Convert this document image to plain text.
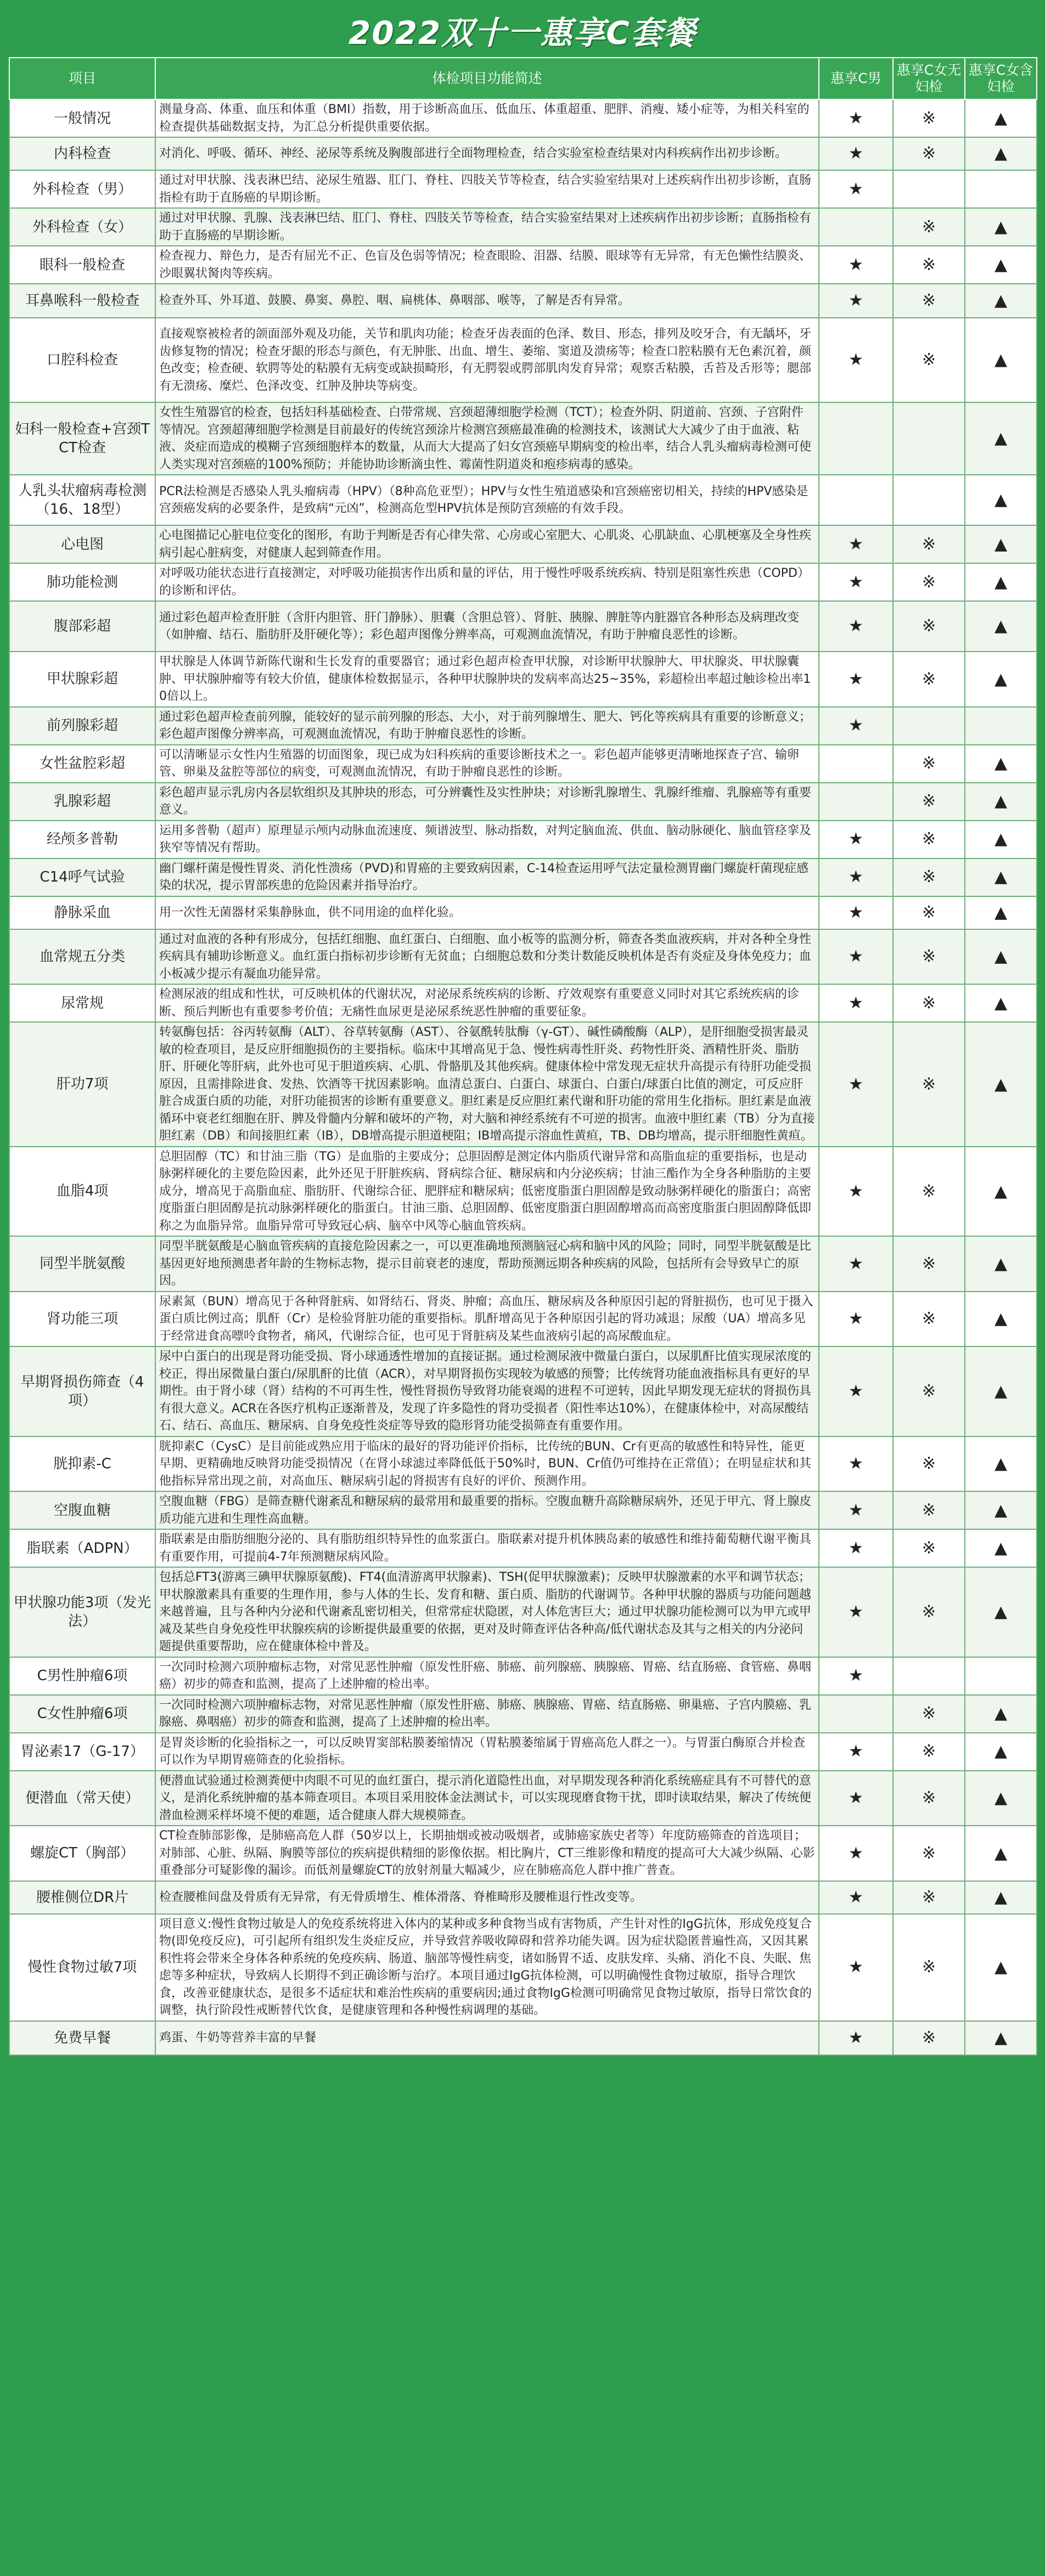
2022双十一惠享C套餐
项目	体检项目功能简述	惠享C男	惠享C女无妇检	惠享C女含妇检
一般情况	测量身高、体重、血压和体重（BMI）指数，用于诊断高血压、低血压、体重超重、肥胖、消瘦、矮小症等，为相关科室的检查提供基础数据支持，为汇总分析提供重要依据。	★	※	▲
内科检查	对消化、呼吸、循环、神经、泌尿等系统及胸腹部进行全面物理检查，结合实验室检查结果对内科疾病作出初步诊断。	★	※	▲
外科检查（男）	通过对甲状腺、浅表淋巴结、泌尿生殖器、肛门、脊柱、四肢关节等检查，结合实验室结果对上述疾病作出初步诊断，直肠指检有助于直肠癌的早期诊断。	★		
外科检查（女）	通过对甲状腺、乳腺、浅表淋巴结、肛门、脊柱、四肢关节等检查，结合实验室结果对上述疾病作出初步诊断；直肠指检有助于直肠癌的早期诊断。		※	▲
眼科一般检查	检查视力、辩色力，是否有屈光不正、色盲及色弱等情况；检查眼睑、泪器、结膜、眼球等有无异常，有无色懒性结膜炎、沙眼翼状胬肉等疾病。	★	※	▲
耳鼻喉科一般检查	检查外耳、外耳道、鼓膜、鼻窦、鼻腔、咽、扁桃体、鼻咽部、喉等，了解是否有异常。	★	※	▲
口腔科检查	直接观察被检者的颌面部外观及功能，关节和肌肉功能；检查牙齿表面的色泽、数目、形态，排列及咬牙合，有无龋坏，牙齿修复物的情况；检查牙龈的形态与颜色，有无肿胀、出血、增生、萎缩、窦道及溃疡等；检查口腔粘膜有无色素沉着，颜色改变；检查硬、软腭等处的粘膜有无病变或缺损畸形，有无腭裂或腭部肌肉发育异常；观察舌粘膜，舌苔及舌形等；腮部有无溃疡、糜烂、色泽改变、红肿及肿块等病变。	★	※	▲
妇科一般检查+宫颈TCT检查	女性生殖器官的检查，包括妇科基础检查、白带常规、宫颈超薄细胞学检测（TCT）；检查外阴、阴道前、宫颈、子宫附件等情况。宫颈超薄细胞学检测是目前最好的传统宫颈涂片检测宫颈癌最准确的检测技术，该测试大大减少了由于血液、粘液、炎症而造成的模糊子宫颈细胞样本的数量，从而大大提高了妇女宫颈癌早期病变的检出率，结合人乳头瘤病毒检测可使人类实现对宫颈癌的100%预防；并能协助诊断滴虫性、霉菌性阴道炎和疱疹病毒的感染。			▲
人乳头状瘤病毒检测（16、18型）	PCR法检测是否感染人乳头瘤病毒（HPV）（8种高危亚型）；HPV与女性生殖道感染和宫颈癌密切相关，持续的HPV感染是宫颈癌发病的必要条件，是致病“元凶”，检测高危型HPV抗体是预防宫颈癌的有效手段。			▲
心电图	心电图描记心脏电位变化的图形，有助于判断是否有心律失常、心房或心室肥大、心肌炎、心肌缺血、心肌梗塞及全身性疾病引起心脏病变，对健康人起到筛查作用。	★	※	▲
肺功能检测	对呼吸功能状态进行直接测定，对呼吸功能损害作出质和量的评估，用于慢性呼吸系统疾病、特别是阻塞性疾患（COPD）的诊断和评估。	★	※	▲
腹部彩超	通过彩色超声检查肝脏（含肝内胆管、肝门静脉）、胆囊（含胆总管）、肾脏、胰腺、脾脏等内脏器官各种形态及病理改变（如肿瘤、结石、脂肪肝及肝硬化等）；彩色超声图像分辨率高，可观测血流情况，有助于肿瘤良恶性的诊断。	★	※	▲
甲状腺彩超	甲状腺是人体调节新陈代谢和生长发育的重要器官；通过彩色超声检查甲状腺，对诊断甲状腺肿大、甲状腺炎、甲状腺囊肿、甲状腺肿瘤等有较大价值，健康体检数据显示，各种甲状腺肿块的发病率高达25~35%，彩超检出率超过触诊检出率10倍以上。	★	※	▲
前列腺彩超	通过彩色超声检查前列腺，能较好的显示前列腺的形态、大小，对于前列腺增生、肥大、钙化等疾病具有重要的诊断意义；彩色超声图像分辨率高，可观测血流情况，有助于肿瘤良恶性的诊断。	★		
女性盆腔彩超	可以清晰显示女性内生殖器的切面图象，现已成为妇科疾病的重要诊断技术之一。彩色超声能够更清晰地探查子宫、输卵管、卵巢及盆腔等部位的病变，可观测血流情况，有助于肿瘤良恶性的诊断。		※	▲
乳腺彩超	彩色超声显示乳房内各层软组织及其肿块的形态，可分辨囊性及实性肿块；对诊断乳腺增生、乳腺纤维瘤、乳腺癌等有重要意义。		※	▲
经颅多普勒	运用多普勒（超声）原理显示颅内动脉血流速度、频谱波型、脉动指数，对判定脑血流、供血、脑动脉硬化、脑血管痉挛及狭窄等情况有帮助。	★	※	▲
C14呼气试验	幽门螺杆菌是慢性胃炎、消化性溃疡（PVD)和胃癌的主要致病因素，C-14检查运用呼气法定量检测胃幽门螺旋杆菌现症感染的状况，提示胃部疾患的危险因素并指导治疗。	★	※	▲
静脉采血	用一次性无菌器材采集静脉血，供不同用途的血样化验。	★	※	▲
血常规五分类	通过对血液的各种有形成分，包括红细胞、血红蛋白、白细胞、血小板等的监测分析，筛查各类血液疾病，并对各种全身性疾病具有辅助诊断意义。血红蛋白指标初步诊断有无贫血；白细胞总数和分类计数能反映机体是否有炎症及身体免疫力；血小板减少提示有凝血功能异常。	★	※	▲
尿常规	检测尿液的组成和性状，可反映机体的代谢状况，对泌尿系统疾病的诊断、疗效观察有重要意义同时对其它系统疾病的诊断、预后判断也有重要参考价值；无痛性血尿更是泌尿系统恶性肿瘤的重要征象。	★	※	▲
肝功7项	转氨酶包括：谷丙转氨酶（ALT）、谷草转氨酶（AST）、谷氨酰转肽酶（γ-GT）、碱性磷酸酶（ALP），是肝细胞受损害最灵敏的检查项目，是反应肝细胞损伤的主要指标。临床中其增高见于急、慢性病毒性肝炎、药物性肝炎、酒精性肝炎、脂肪肝、肝硬化等肝病，此外也可见于胆道疾病、心肌、骨骼肌及其他疾病。健康体检中常发现无症状升高提示有待肝功能受损原因，且需排除进食、发热、饮酒等干扰因素影响。血清总蛋白、白蛋白、球蛋白、白蛋白/球蛋白比值的测定，可反应肝脏合成蛋白质的功能，对肝功能损害的诊断有重要意义。胆红素是反应胆红素代谢和肝功能的常用生化指标。胆红素是血液循环中衰老红细胞在肝、脾及骨髓内分解和破坏的产物，对大脑和神经系统有不可逆的损害。血液中胆红素（TB）分为直接胆红素（DB）和间接胆红素（IB），DB增高提示胆道梗阻；IB增高提示溶血性黄疸，TB、DB均增高，提示肝细胞性黄疸。	★	※	▲
血脂4项	总胆固醇（TC）和甘油三脂（TG）是血脂的主要成分；总胆固醇是测定体内脂质代谢异常和高脂血症的重要指标，也是动脉粥样硬化的主要危险因素，此外还见于肝脏疾病、肾病综合征、糖尿病和内分泌疾病；甘油三酯作为全身各种脂肪的主要成分，增高见于高脂血症、脂肪肝、代谢综合征、肥胖症和糖尿病；低密度脂蛋白胆固醇是致动脉粥样硬化的脂蛋白；高密度脂蛋白胆固醇是抗动脉粥样硬化的脂蛋白。甘油三脂、总胆固醇、低密度脂蛋白胆固醇增高而高密度脂蛋白胆固醇降低即称之为血脂异常。血脂异常可导致冠心病、脑卒中风等心脑血管疾病。	★	※	▲
同型半胱氨酸	同型半胱氨酸是心脑血管疾病的直接危险因素之一，可以更准确地预测脑冠心病和脑中风的风险；同时，同型半胱氨酸是比基因更好地预测患者年龄的生物标志物，提示目前衰老的速度，帮助预测远期各种疾病的风险，包括所有会导致早亡的原因。	★	※	▲
肾功能三项	尿素氮（BUN）增高见于各种肾脏病、如肾结石、肾炎、肿瘤；高血压、糖尿病及各种原因引起的肾脏损伤，也可见于摄入蛋白质比例过高；肌酐（Cr）是检验肾脏功能的重要指标。肌酐增高见于各种原因引起的肾功减退；尿酸（UA）增高多见于经常进食高嘌呤食物者，痛风，代谢综合征，也可见于肾脏病及某些血液病引起的高尿酸血症。	★	※	▲
早期肾损伤筛查（4项）	尿中白蛋白的出现是肾功能受损、肾小球通透性增加的直接证据。通过检测尿液中微量白蛋白，以尿肌酐比值实现尿浓度的校正，得出尿微量白蛋白/尿肌酐的比值（ACR），对早期肾损伤实现较为敏感的预警；比传统肾功能血液指标具有更好的早期性。由于肾小球（肾）结构的不可再生性，慢性肾损伤导致肾功能衰竭的进程不可逆转，因此早期发现无症状的肾损伤具有很大意义。ACR在各医疗机构正逐渐普及，发现了许多隐性的肾功受损者（阳性率达10%），在健康体检中，对高尿酸结石、结石、高血压、糖尿病、自身免疫性炎症等导致的隐形肾功能受损筛查有重要作用。	★	※	▲
胱抑素-C	胱抑素C（CysC）是目前能或熟应用于临床的最好的肾功能评价指标，比传统的BUN、Cr有更高的敏感性和特异性，能更早期、更精确地反映肾功能受损情况（在肾小球滤过率降低低于50%时，BUN、Cr值仍可维持在正常值）；在明显症状和其他指标异常出现之前，对高血压、糖尿病引起的肾损害有良好的评价、预测作用。	★	※	▲
空腹血糖	空腹血糖（FBG）是筛查糖代谢紊乱和糖尿病的最常用和最重要的指标。空腹血糖升高除糖尿病外，还见于甲亢、肾上腺皮质功能亢进和生理性高血糖。	★	※	▲
脂联素（ADPN）	脂联素是由脂肪细胞分泌的、具有脂肪组织特异性的血浆蛋白。脂联素对提升机体胰岛素的敏感性和维持葡萄糖代谢平衡具有重要作用，可提前4-7年预测糖尿病风险。	★	※	▲
甲状腺功能3项（发光法）	包括总FT3(游离三碘甲状腺原氨酸)、FT4(血清游离甲状腺素)、TSH(促甲状腺激素)；反映甲状腺激素的水平和调节状态；甲状腺激素具有重要的生理作用，参与人体的生长、发育和糖、蛋白质、脂肪的代谢调节。各种甲状腺的器质与功能问题越来越普遍，且与各种内分泌和代谢紊乱密切相关，但常常症状隐匿，对人体危害巨大；通过甲状腺功能检测可以为甲亢或甲减及某些自身免疫性甲状腺疾病的诊断提供最重要的依据，更对及时筛查评估各种高/低代谢状态及其与之相关的内分泌问题提供重要帮助，应在健康体检中普及。	★	※	▲
C男性肿瘤6项	一次同时检测六项肿瘤标志物，对常见恶性肿瘤（原发性肝癌、肺癌、前列腺癌、胰腺癌、胃癌、结直肠癌、食管癌、鼻咽癌）初步的筛查和监测，提高了上述肿瘤的检出率。	★		
C女性肿瘤6项	一次同时检测六项肿瘤标志物，对常见恶性肿瘤（原发性肝癌、肺癌、胰腺癌、胃癌、结直肠癌、卵巢癌、子宫内膜癌、乳腺癌、鼻咽癌）初步的筛查和监测，提高了上述肿瘤的检出率。		※	▲
胃泌素17（G-17）	是胃炎诊断的化验指标之一，可以反映胃窦部粘膜萎缩情况（胃粘膜萎缩属于胃癌高危人群之一）。与胃蛋白酶原合并检查可以作为早期胃癌筛查的化验指标。	★	※	▲
便潜血（常天使）	便潜血试验通过检测粪便中肉眼不可见的血红蛋白，提示消化道隐性出血，对早期发现各种消化系统癌症具有不可替代的意义，是消化系统肿瘤的基本筛查项目。本项目采用胶体金法测试卡，可以实现现磨食物干扰，即时读取结果，解决了传统便潜血检测采样坏境不便的难题，适合健康人群大规模筛查。	★	※	▲
螺旋CT（胸部）	CT检查肺部影像，是肺癌高危人群（50岁以上，长期抽烟或被动吸烟者，或肺癌家族史者等）年度防癌筛查的首选项目；对肺部、心脏、纵隔、胸膜等部位的疾病提供精细的影像依据。相比胸片，CT三维影像和精度的提高可大大减少纵隔、心影重叠部分可疑影像的漏诊。而低剂量螺旋CT的放射剂量大幅减少，应在肺癌高危人群中推广普查。	★	※	▲
腰椎侧位DR片	检查腰椎间盘及骨质有无异常，有无骨质增生、椎体滑落、脊椎畸形及腰椎退行性改变等。	★	※	▲
慢性食物过敏7项	项目意义:慢性食物过敏是人的免疫系统将进入体内的某种或多种食物当成有害物质，产生针对性的IgG抗体，形成免疫复合物(即免疫反应)，可引起所有组织发生炎症反应，并导致营养吸收障碍和营养功能失调。因为症状隐匿普遍性高，又因其累积性将会带来全身体各种系统的免疫疾病、肠道、脑部等慢性病变，诸如肠胃不适、皮肤发痒、头痛、消化不良、失眠、焦虑等多种症状，导致病人长期得不到正确诊断与治疗。本项目通过IgG抗体检测，可以明确慢性食物过敏原，指导合理饮食，改善亚健康状态，是很多不适症状和难治性疾病的重要病因;通过食物IgG检测可明确常见食物过敏原，指导日常饮食的调整，执行阶段性戒断替代饮食，是健康管理和各种慢性病调理的基础。	★	※	▲
免费早餐	鸡蛋、牛奶等营养丰富的早餐	★	※	▲
